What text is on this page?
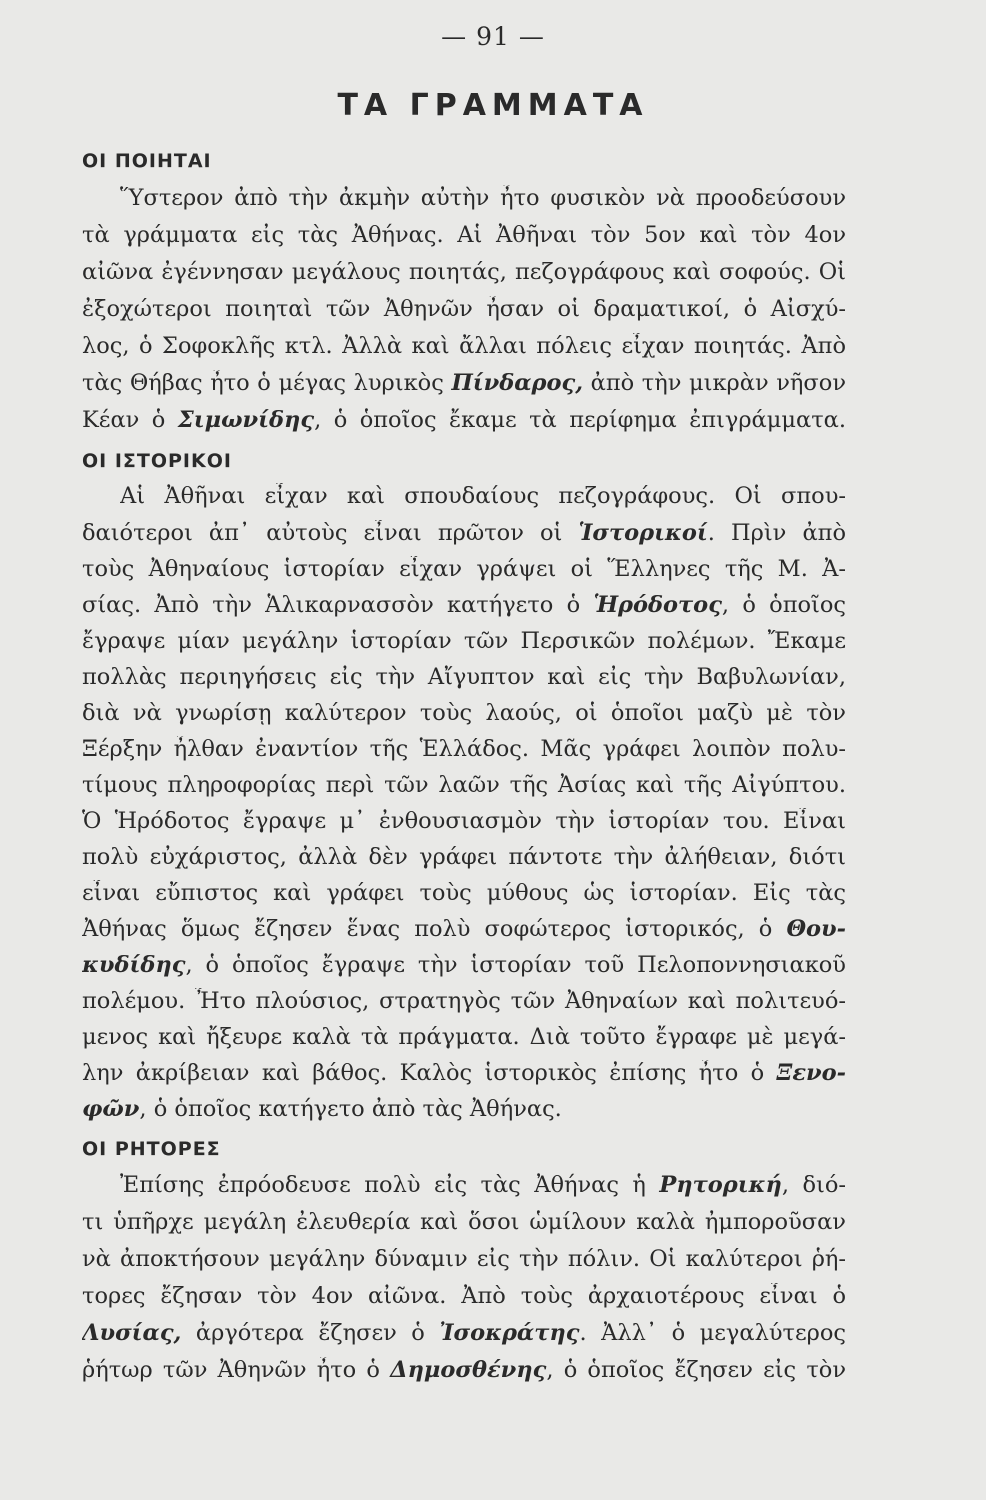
— 91 —
ΤΑ ΓΡΑΜΜΑΤΑ
ΟΙ ΠΟΙΗΤΑΙ
Ὕστερον ἀπὸ τὴν ἀκμὴν αὐτὴν ἦτο φυσικὸν νὰ προοδεύσουν
τὰ γράμματα εἰς τὰς Ἀθήνας. Αἱ Ἀθῆναι τὸν 5ον καὶ τὸν 4ον
αἰῶνα ἐγέννησαν μεγάλους ποιητάς, πεζογράφους καὶ σοφούς. Οἱ
ἐξοχώτεροι ποιηταὶ τῶν Ἀθηνῶν ἦσαν οἱ δραματικοί, ὁ Αἰσχύ-
λος, ὁ Σοφοκλῆς κτλ. Ἀλλὰ καὶ ἄλλαι πόλεις εἶχαν ποιητάς. Ἀπὸ
τὰς Θήβας ἦτο ὁ μέγας λυρικὸς Πίνδαρος, ἀπὸ τὴν μικρὰν νῆσον
Κέαν ὁ Σιμωνίδης, ὁ ὁποῖος ἔκαμε τὰ περίφημα ἐπιγράμματα.
ΟΙ ΙΣΤΟΡΙΚΟΙ
Αἱ Ἀθῆναι εἶχαν καὶ σπουδαίους πεζογράφους. Οἱ σπου-
δαιότεροι ἀπ᾽ αὐτοὺς εἶναι πρῶτον οἱ Ἱστορικοί. Πρὶν ἀπὸ
τοὺς Ἀθηναίους ἱστορίαν εἶχαν γράψει οἱ Ἕλληνες τῆς Μ. Ἀ-
σίας. Ἀπὸ τὴν Ἁλικαρνασσὸν κατήγετο ὁ Ἡρόδοτος, ὁ ὁποῖος
ἔγραψε μίαν μεγάλην ἱστορίαν τῶν Περσικῶν πολέμων. Ἔκαμε
πολλὰς περιηγήσεις εἰς τὴν Αἴγυπτον καὶ εἰς τὴν Βαβυλωνίαν,
διὰ νὰ γνωρίσῃ καλύτερον τοὺς λαούς, οἱ ὁποῖοι μαζὺ μὲ τὸν
Ξέρξην ἦλθαν ἐναντίον τῆς Ἑλλάδος. Μᾶς γράφει λοιπὸν πολυ-
τίμους πληροφορίας περὶ τῶν λαῶν τῆς Ἀσίας καὶ τῆς Αἰγύπτου.
Ὁ Ἡρόδοτος ἔγραψε μ᾽ ἐνθουσιασμὸν τὴν ἱστορίαν του. Εἶναι
πολὺ εὐχάριστος, ἀλλὰ δὲν γράφει πάντοτε τὴν ἀλήθειαν, διότι
εἶναι εὔπιστος καὶ γράφει τοὺς μύθους ὡς ἱστορίαν. Εἰς τὰς
Ἀθήνας ὅμως ἔζησεν ἕνας πολὺ σοφώτερος ἱστορικός, ὁ Θου-
κυδίδης, ὁ ὁποῖος ἔγραψε τὴν ἱστορίαν τοῦ Πελοποννησιακοῦ
πολέμου. Ἦτο πλούσιος, στρατηγὸς τῶν Ἀθηναίων καὶ πολιτευό-
μενος καὶ ἤξευρε καλὰ τὰ πράγματα. Διὰ τοῦτο ἔγραφε μὲ μεγά-
λην ἀκρίβειαν καὶ βάθος. Καλὸς ἱστορικὸς ἐπίσης ἦτο ὁ Ξενο-
φῶν, ὁ ὁποῖος κατήγετο ἀπὸ τὰς Ἀθήνας.
ΟΙ ΡΗΤΟΡΕΣ
Ἐπίσης ἐπρόοδευσε πολὺ εἰς τὰς Ἀθήνας ἡ Ρητορική, διό-
τι ὑπῆρχε μεγάλη ἐλευθερία καὶ ὅσοι ὡμίλουν καλὰ ἠμποροῦσαν
νὰ ἀποκτήσουν μεγάλην δύναμιν εἰς τὴν πόλιν. Οἱ καλύτεροι ῥή-
τορες ἔζησαν τὸν 4ον αἰῶνα. Ἀπὸ τοὺς ἀρχαιοτέρους εἶναι ὁ
Λυσίας, ἀργότερα ἔζησεν ὁ Ἰσοκράτης. Ἀλλ᾽ ὁ μεγαλύτερος
ῥήτωρ τῶν Ἀθηνῶν ἦτο ὁ Δημοσθένης, ὁ ὁποῖος ἔζησεν εἰς τὸν
